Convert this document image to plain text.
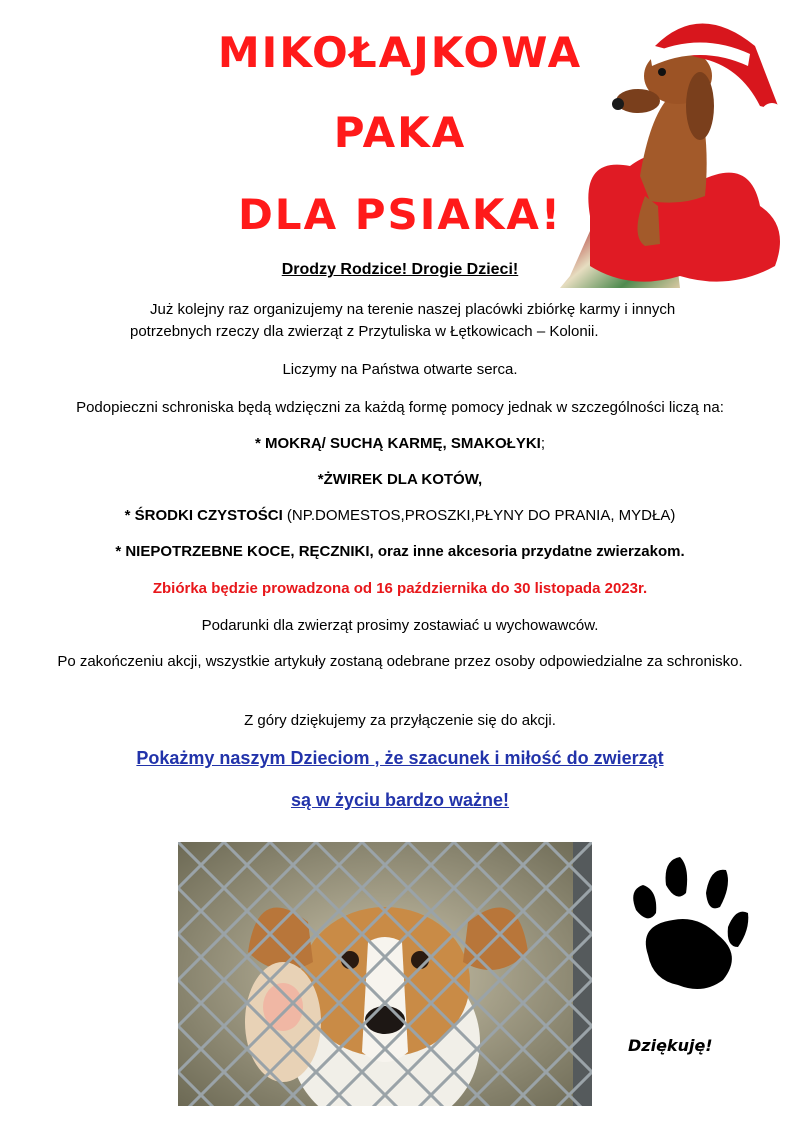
MIKOŁAJKOWA
PAKA
DLA PSIAKA!

Drodzy Rodzice! Drogie Dzieci!

Już kolejny raz organizujemy na terenie naszej placówki zbiórkę karmy i innych potrzebnych rzeczy dla zwierząt z Przytuliska w Łętkowicach – Kolonii.

Liczymy na Państwa otwarte serca.

Podopieczni schroniska będą wdzięczni za każdą formę pomocy jednak w szczególności liczą na:

* MOKRĄ/ SUCHĄ KARMĘ, SMAKOŁYKI;

*ŻWIREK DLA KOTÓW,

* ŚRODKI CZYSTOŚCI (NP.DOMESTOS,PROSZKI,PŁYNY DO PRANIA, MYDŁA)

* NIEPOTRZEBNE KOCE, RĘCZNIKI, oraz inne akcesoria przydatne zwierzakom.

Zbiórka będzie prowadzona od 16 października do 30 listopada 2023r.

Podarunki dla zwierząt prosimy zostawiać u wychowawców.

Po zakończeniu akcji, wszystkie artykuły zostaną odebrane przez osoby odpowiedzialne za schronisko.

Z góry dziękujemy za przyłączenie się do akcji.

Pokażmy naszym Dzieciom , że szacunek i miłość do zwierząt

są w życiu bardzo ważne!

Dziękuję!
